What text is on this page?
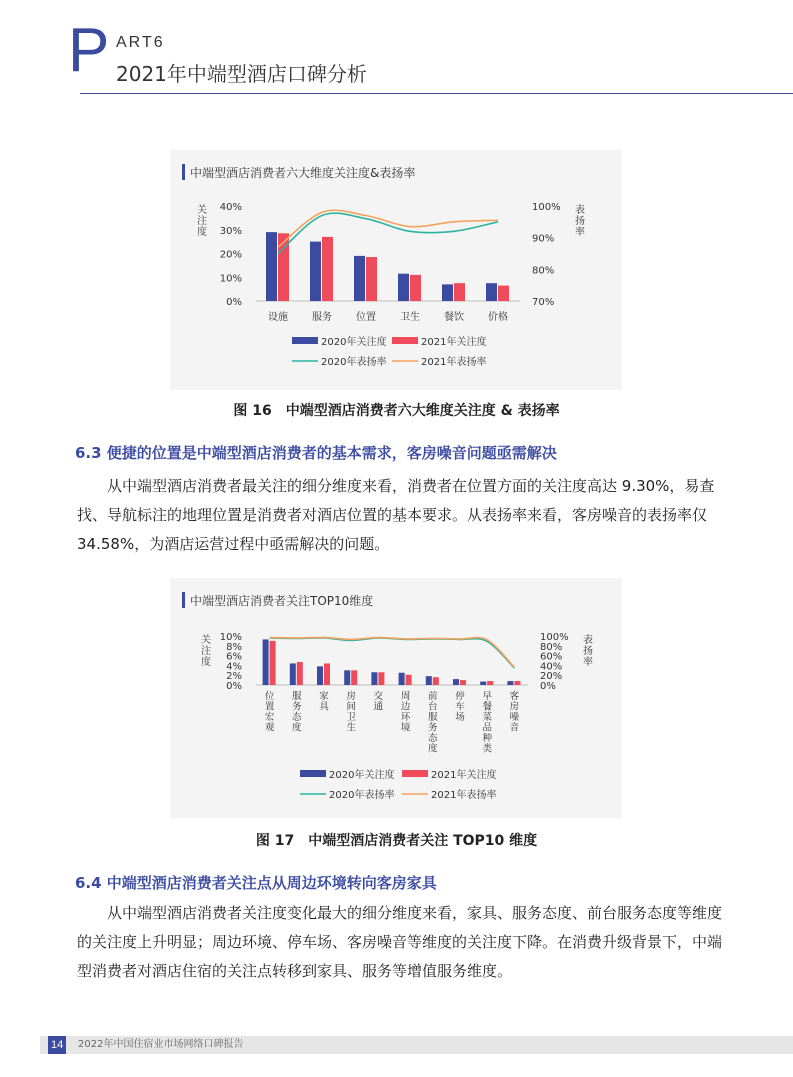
P ART6
2021年中端型酒店口碑分析
中端型酒店消费者六大维度关注度&表扬率
关
注
度
表
扬
率
40%
30%
20%
10%
0%
100%
90%
80%
70%
设施 服务 位置 卫生 餐饮 价格
2020年关注度	2021年关注度
2020年表扬率	2021年表扬率
图 16　中端型酒店消费者六大维度关注度 & 表扬率
6.3 便捷的位置是中端型酒店消费者的基本需求，客房噪音问题亟需解决
从中端型酒店消费者最关注的细分维度来看，消费者在位置方面的关注度高达 9.30%，易查找、导航标注的地理位置是消费者对酒店位置的基本要求。从表扬率来看，客房噪音的表扬率仅 34.58%，为酒店运营过程中亟需解决的问题。
中端型酒店消费者关注TOP10维度
关
注
度
表
扬
率
10%
8%
6%
4%
2%
0%
100%
80%
60%
40%
20%
0%
位
置
宏
观
服
务
态
度
家
具
房
间
卫
生
交
通
周
边
环
境
前
台
服
务
态
度
停
车
场
早
餐
菜
品
种
类
客
房
噪
音
2020年关注度	2021年关注度
2020年表扬率	2021年表扬率
图 17　中端型酒店消费者关注 TOP10 维度
6.4 中端型酒店消费者关注点从周边环境转向客房家具
从中端型酒店消费者关注度变化最大的细分维度来看，家具、服务态度、前台服务态度等维度的关注度上升明显；周边环境、停车场、客房噪音等维度的关注度下降。在消费升级背景下，中端型消费者对酒店住宿的关注点转移到家具、服务等增值服务维度。
14	2022年中国住宿业市场网络口碑报告
